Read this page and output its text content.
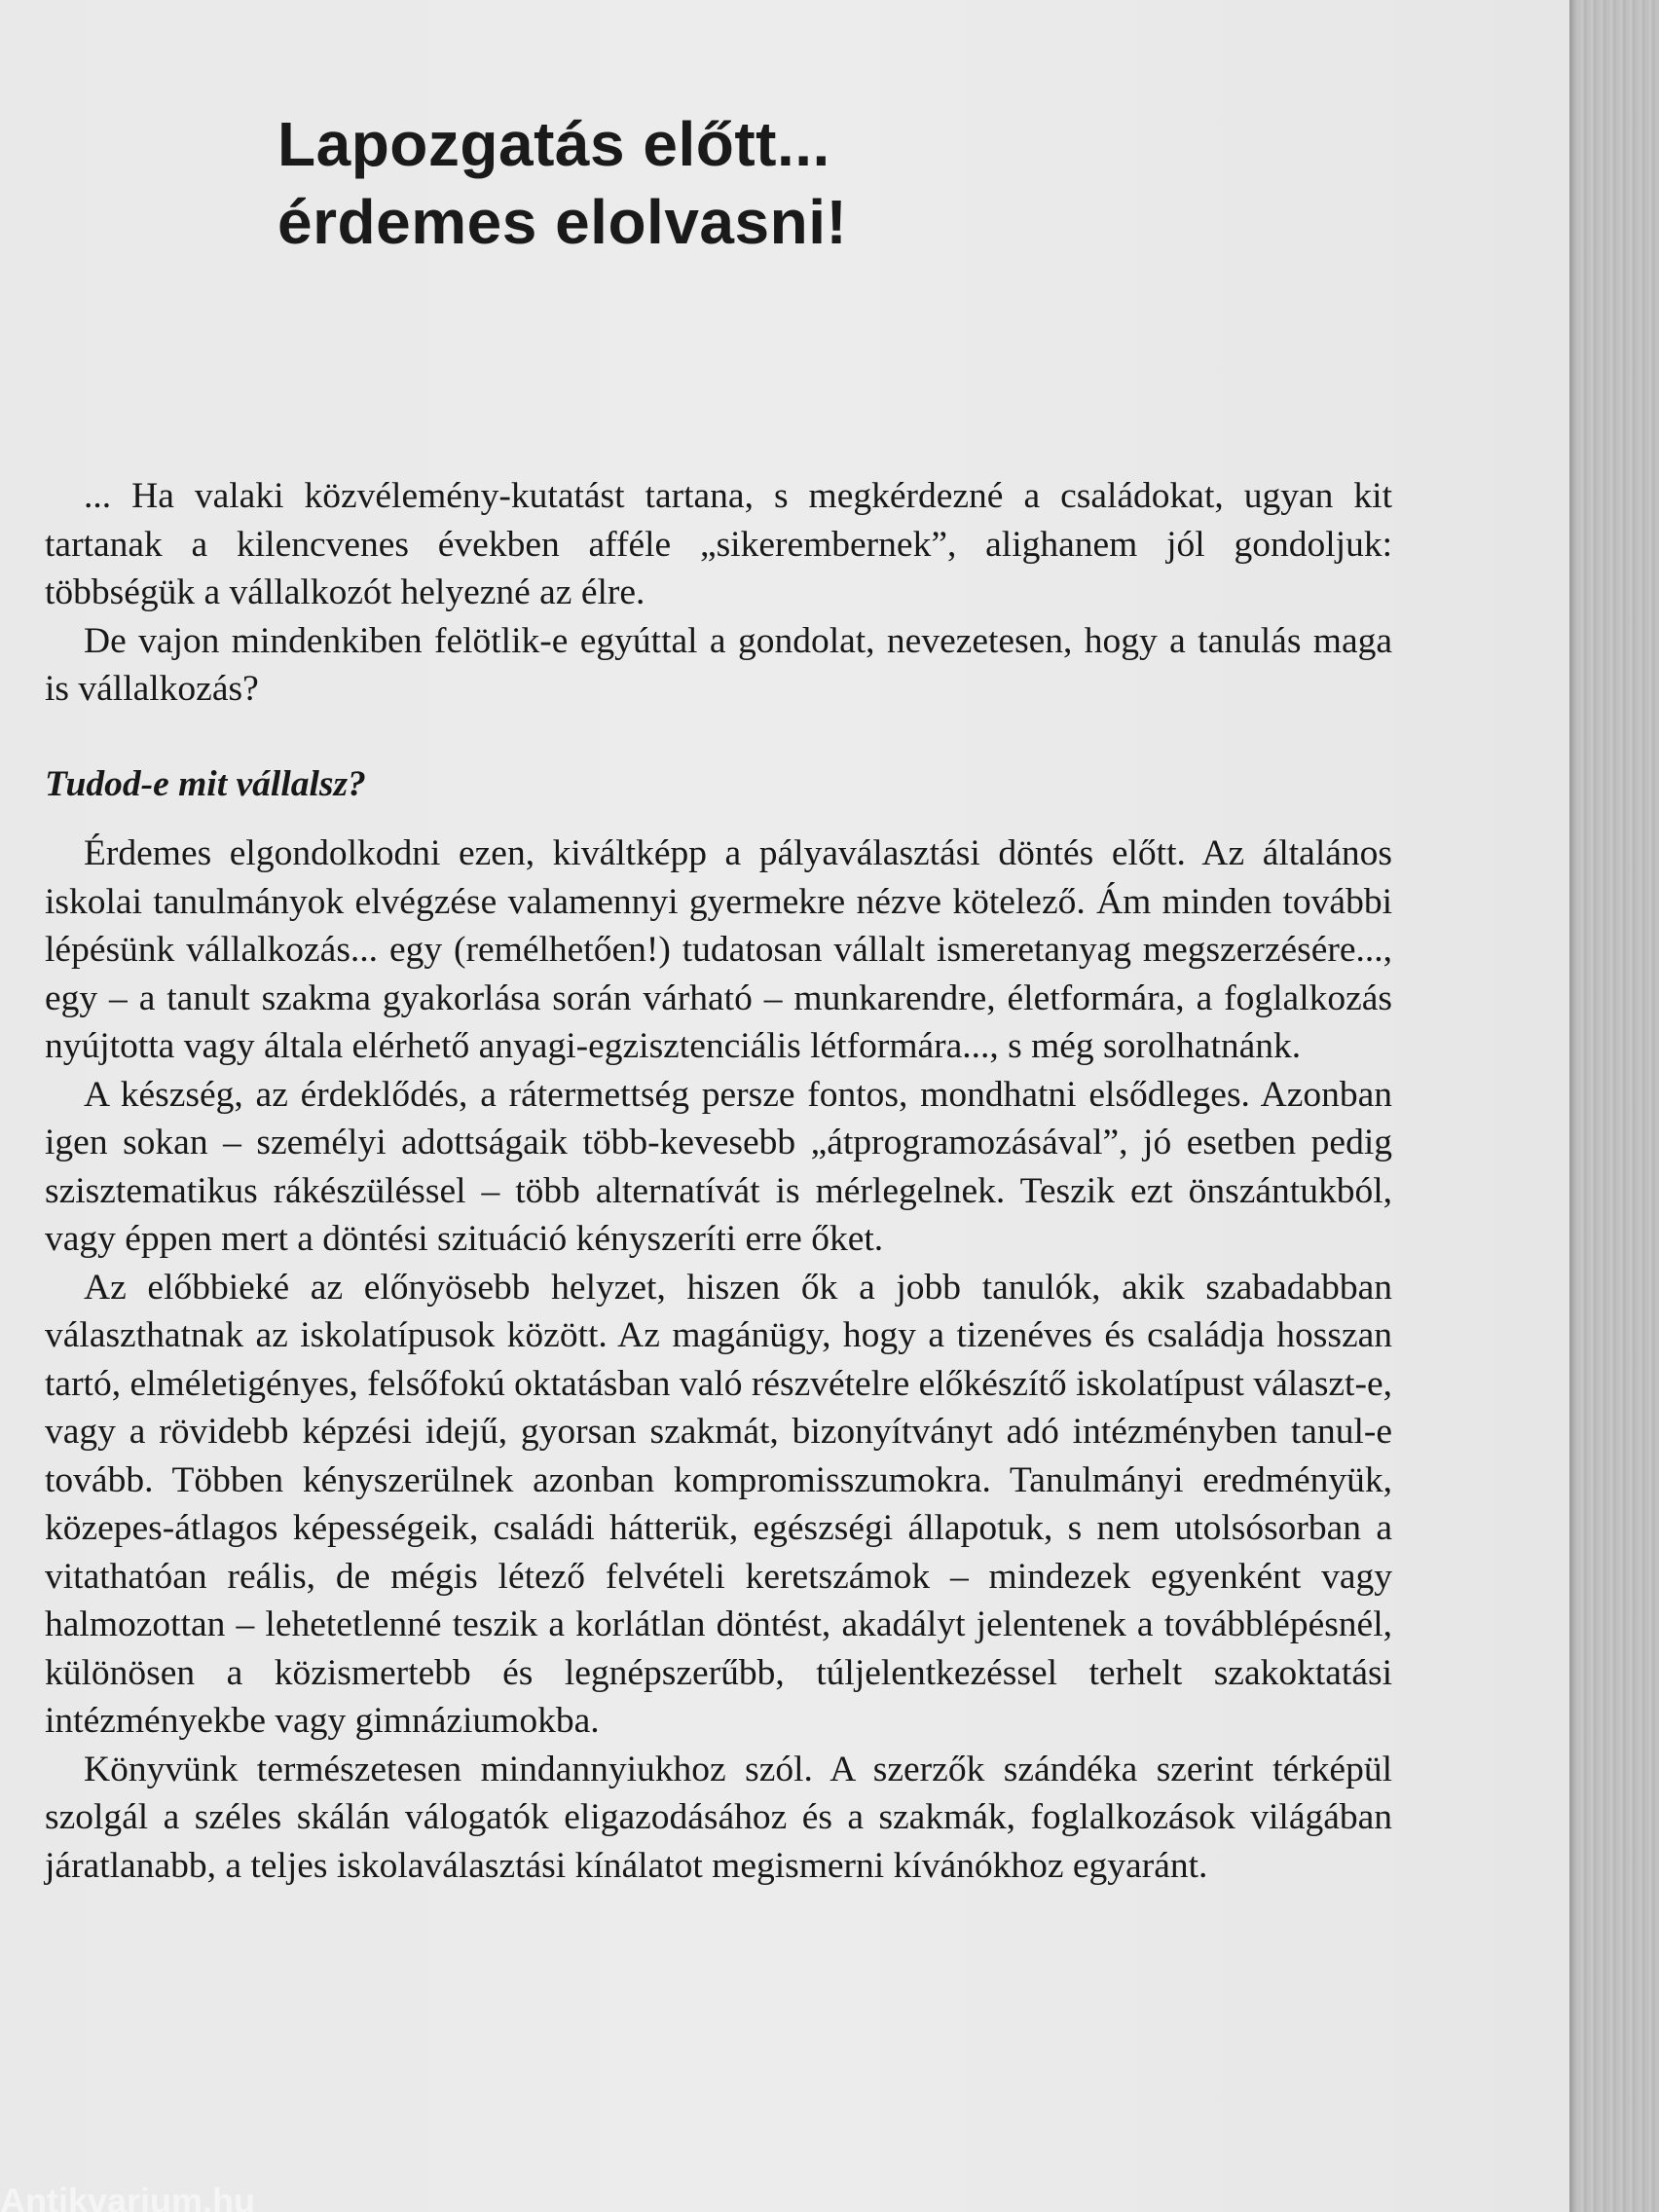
Lapozgatás előtt...
érdemes elolvasni!

... Ha valaki közvélemény-kutatást tartana, s megkérdezné a családokat, ugyan kit tartanak a kilencvenes években afféle „sikerembernek”, alighanem jól gondoljuk: többségük a vállalkozót helyezné az élre.

De vajon mindenkiben felötlik-e egyúttal a gondolat, nevezetesen, hogy a tanulás maga is vállalkozás?

Tudod-e mit vállalsz?

Érdemes elgondolkodni ezen, kiváltképp a pályaválasztási döntés előtt. Az általános iskolai tanulmányok elvégzése valamennyi gyermekre nézve kötelező. Ám minden további lépésünk vállalkozás... egy (remélhetően!) tudatosan vállalt ismeretanyag megszerzésére..., egy – a tanult szakma gyakorlása során várható – munkarendre, életformára, a foglalkozás nyújtotta vagy általa elérhető anyagi-egzisztenciális létformára..., s még sorolhatnánk.

A készség, az érdeklődés, a rátermettség persze fontos, mondhatni elsődleges. Azonban igen sokan – személyi adottságaik több-kevesebb „átprogramozásával”, jó esetben pedig szisztematikus rákészüléssel – több alternatívát is mérlegelnek. Teszik ezt önszántukból, vagy éppen mert a döntési szituáció kényszeríti erre őket.

Az előbbieké az előnyösebb helyzet, hiszen ők a jobb tanulók, akik szabadabban választhatnak az iskolatípusok között. Az magánügy, hogy a tizenéves és családja hosszan tartó, elméletigényes, felsőfokú oktatásban való részvételre előkészítő iskolatípust választ-e, vagy a rövidebb képzési idejű, gyorsan szakmát, bizonyítványt adó intézményben tanul-e tovább. Többen kényszerülnek azonban kompromisszumokra. Tanulmányi eredményük, közepes-átlagos képességeik, családi hátterük, egészségi állapotuk, s nem utolsósorban a vitathatóan reális, de mégis létező felvételi keretszámok – mindezek egyenként vagy halmozottan – lehetetlenné teszik a korlátlan döntést, akadályt jelentenek a továbblépésnél, különösen a közismertebb és legnépszerűbb, túljelentkezéssel terhelt szakoktatási intézményekbe vagy gimnáziumokba.

Könyvünk természetesen mindannyiukhoz szól. A szerzők szándéka szerint térképül szolgál a széles skálán válogatók eligazodásához és a szakmák, foglalkozások világában járatlanabb, a teljes iskolaválasztási kínálatot megismerni kívánókhoz egyaránt.

Antikvarium.hu
